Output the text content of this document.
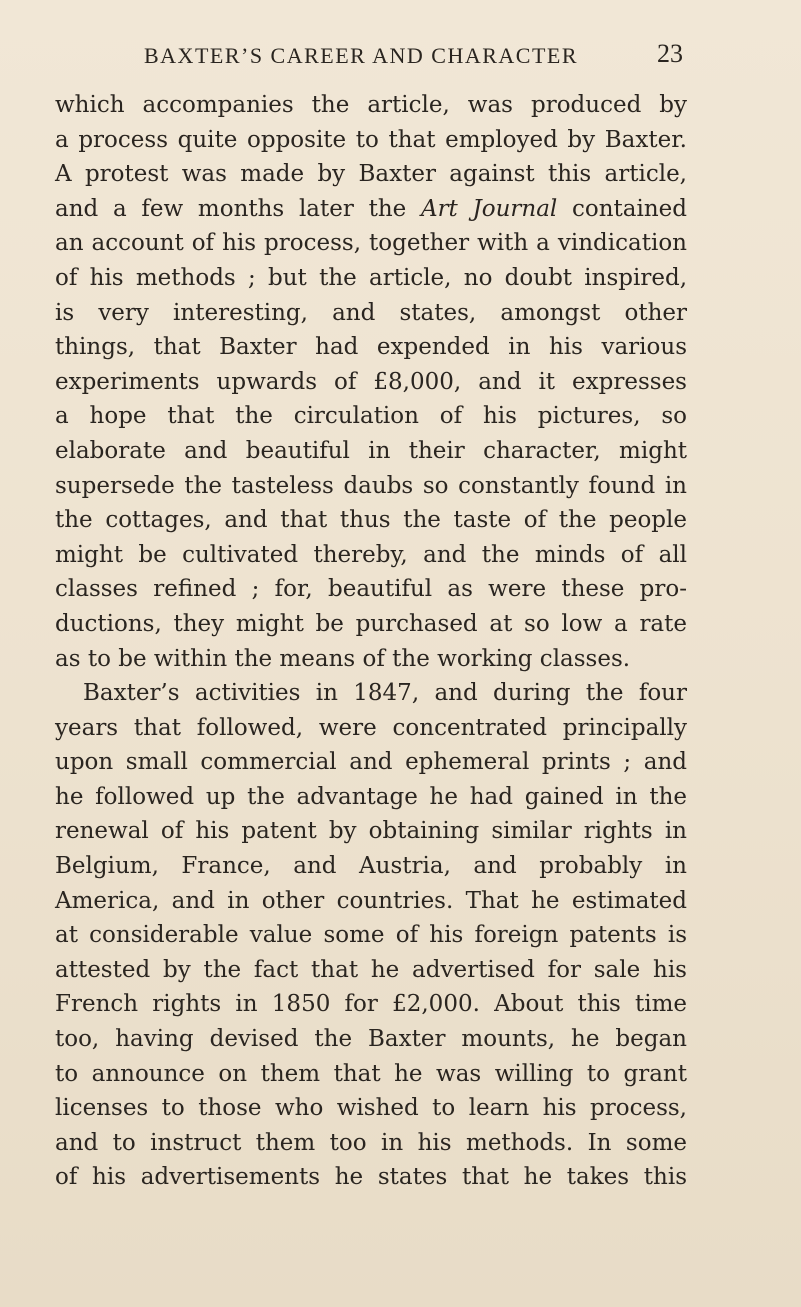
BAXTER’S CAREER AND CHARACTER	23
which accompanies the article, was produced by
a process quite opposite to that employed by Baxter.
A protest was made by Baxter against this article,
and a few months later the Art Journal contained
an account of his process, together with a vindication
of his methods ; but the article, no doubt inspired,
is very interesting, and states, amongst other
things, that Baxter had expended in his various
experiments upwards of £8,000, and it expresses
a hope that the circulation of his pictures, so
elaborate and beautiful in their character, might
supersede the tasteless daubs so constantly found in
the cottages, and that thus the taste of the people
might be cultivated thereby, and the minds of all
classes refined ; for, beautiful as were these pro-
ductions, they might be purchased at so low a rate
as to be within the means of the working classes.
Baxter’s activities in 1847, and during the four
years that followed, were concentrated principally
upon small commercial and ephemeral prints ; and
he followed up the advantage he had gained in the
renewal of his patent by obtaining similar rights in
Belgium, France, and Austria, and probably in
America, and in other countries. That he estimated
at considerable value some of his foreign patents is
attested by the fact that he advertised for sale his
French rights in 1850 for £2,000. About this time
too, having devised the Baxter mounts, he began
to announce on them that he was willing to grant
licenses to those who wished to learn his process,
and to instruct them too in his methods. In some
of his advertisements he states that he takes this
